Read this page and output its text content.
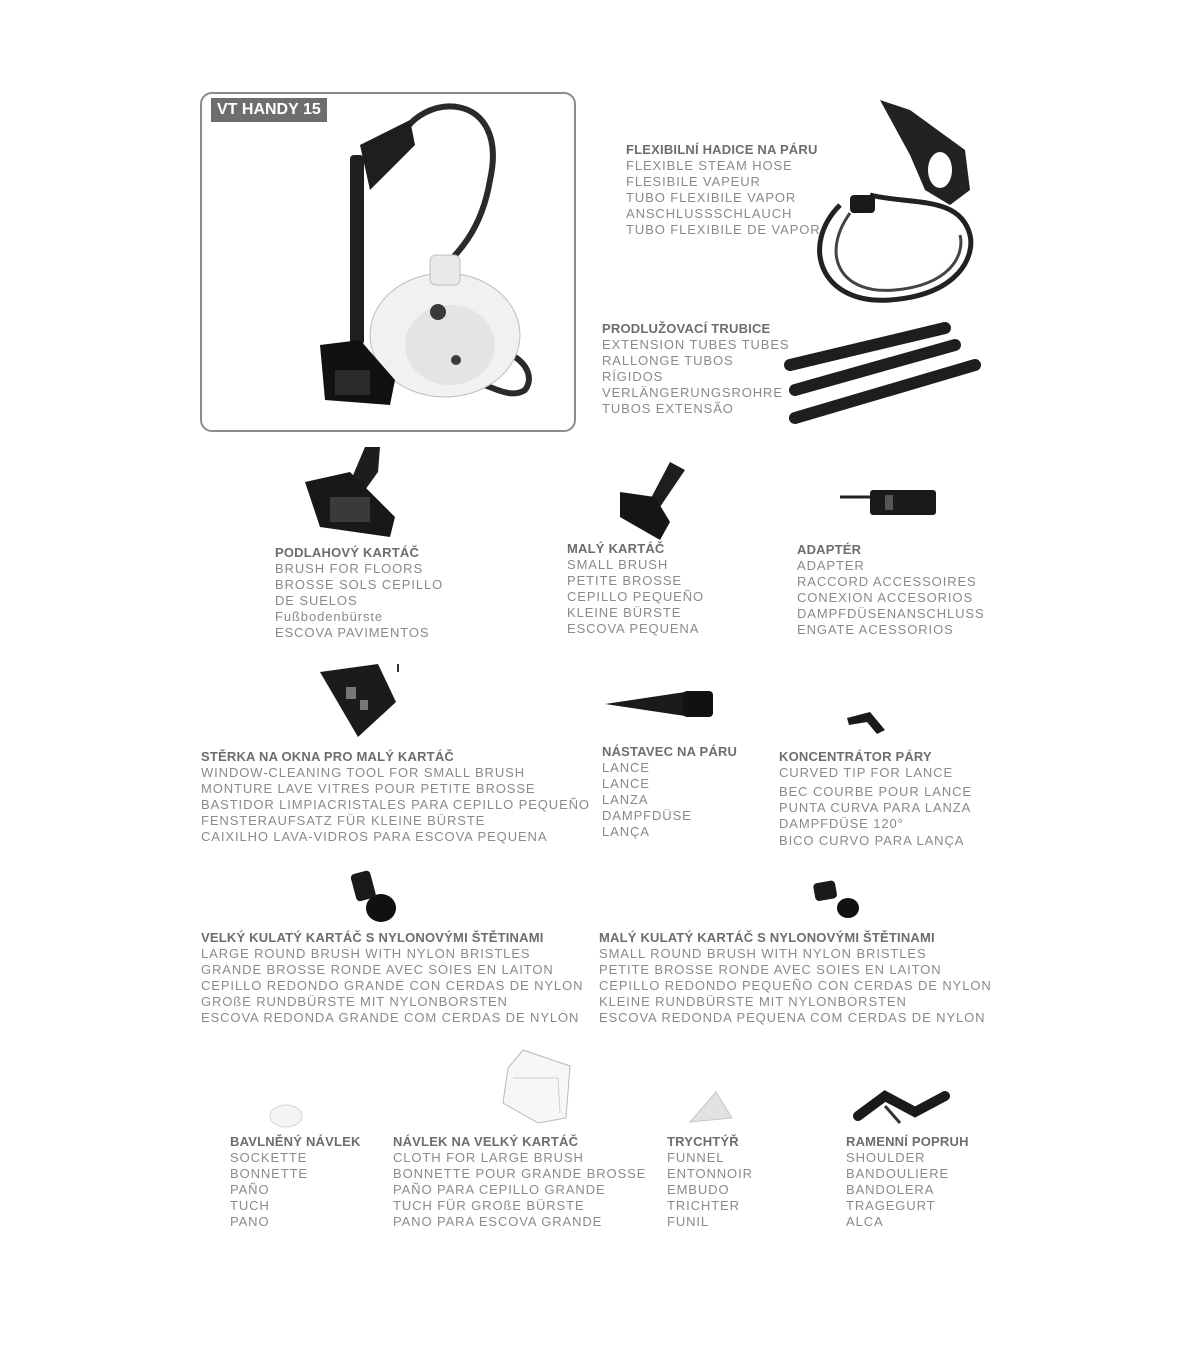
VT HANDY 15
FLEXIBILNÍ HADICE NA PÁRU
FLEXIBLE STEAM HOSE
FLESIBILE VAPEUR
TUBO FLEXIBILE VAPOR
ANSCHLUSSSCHLAUCH
TUBO FLEXIBILE DE VAPOR
PRODLUŽOVACÍ TRUBICE
EXTENSION TUBES TUBES
RALLONGE TUBOS
RÍGIDOS
VERLÄNGERUNGSROHRE
TUBOS EXTENSÃO
PODLAHOVÝ KARTÁČ
BRUSH FOR FLOORS
BROSSE SOLS CEPILLO
DE SUELOS
Fußbodenbürste
ESCOVA PAVIMENTOS
MALÝ KARTÁČ
SMALL BRUSH
PETITE BROSSE
CEPILLO PEQUEÑO
KLEINE BÜRSTE
ESCOVA PEQUENA
ADAPTÉR
ADAPTER
RACCORD ACCESSOIRES
CONEXION ACCESORIOS
DAMPFDÜSENANSCHLUSS
ENGATE ACESSORIOS
STĚRKA NA OKNA PRO MALÝ KARTÁČ
WINDOW-CLEANING TOOL FOR SMALL BRUSH
MONTURE LAVE VITRES POUR PETITE BROSSE
BASTIDOR LIMPIACRISTALES PARA CEPILLO PEQUEÑO
FENSTERAUFSATZ FÜR KLEINE BÜRSTE
CAIXILHO LAVA-VIDROS PARA ESCOVA PEQUENA
NÁSTAVEC NA PÁRU
LANCE
LANCE
LANZA
DAMPFDÜSE
LANÇA
KONCENTRÁTOR PÁRY
CURVED TIP FOR LANCE
BEC COURBE POUR LANCE
PUNTA CURVA PARA LANZA
DAMPFDÜSE 120°
BICO CURVO PARA LANÇA
VELKÝ KULATÝ KARTÁČ S NYLONOVÝMI ŠTĚTINAMI
LARGE ROUND BRUSH WITH NYLON BRISTLES
GRANDE BROSSE RONDE AVEC SOIES EN LAITON
CEPILLO REDONDO GRANDE CON CERDAS DE NYLON
GROßE RUNDBÜRSTE MIT NYLONBORSTEN
ESCOVA REDONDA GRANDE COM CERDAS DE NYLON
MALÝ KULATÝ KARTÁČ S NYLONOVÝMI ŠTĚTINAMI
SMALL ROUND BRUSH WITH NYLON BRISTLES
PETITE BROSSE RONDE AVEC SOIES EN LAITON
CEPILLO REDONDO PEQUEÑO CON CERDAS DE NYLON
KLEINE RUNDBÜRSTE MIT NYLONBORSTEN
ESCOVA REDONDA PEQUENA COM CERDAS DE NYLON
BAVLNĚNÝ NÁVLEK
SOCKETTE
BONNETTE
PAÑO
TUCH
PANO
NÁVLEK NA VELKÝ KARTÁČ
CLOTH FOR LARGE BRUSH
BONNETTE POUR GRANDE BROSSE
PAÑO PARA CEPILLO GRANDE
TUCH FÜR GROßE BÜRSTE
PANO PARA ESCOVA GRANDE
TRYCHTÝŘ
FUNNEL
ENTONNOIR
EMBUDO
TRICHTER
FUNIL
RAMENNÍ POPRUH
SHOULDER
BANDOULIERE
BANDOLERA
TRAGEGURT
ALCA
